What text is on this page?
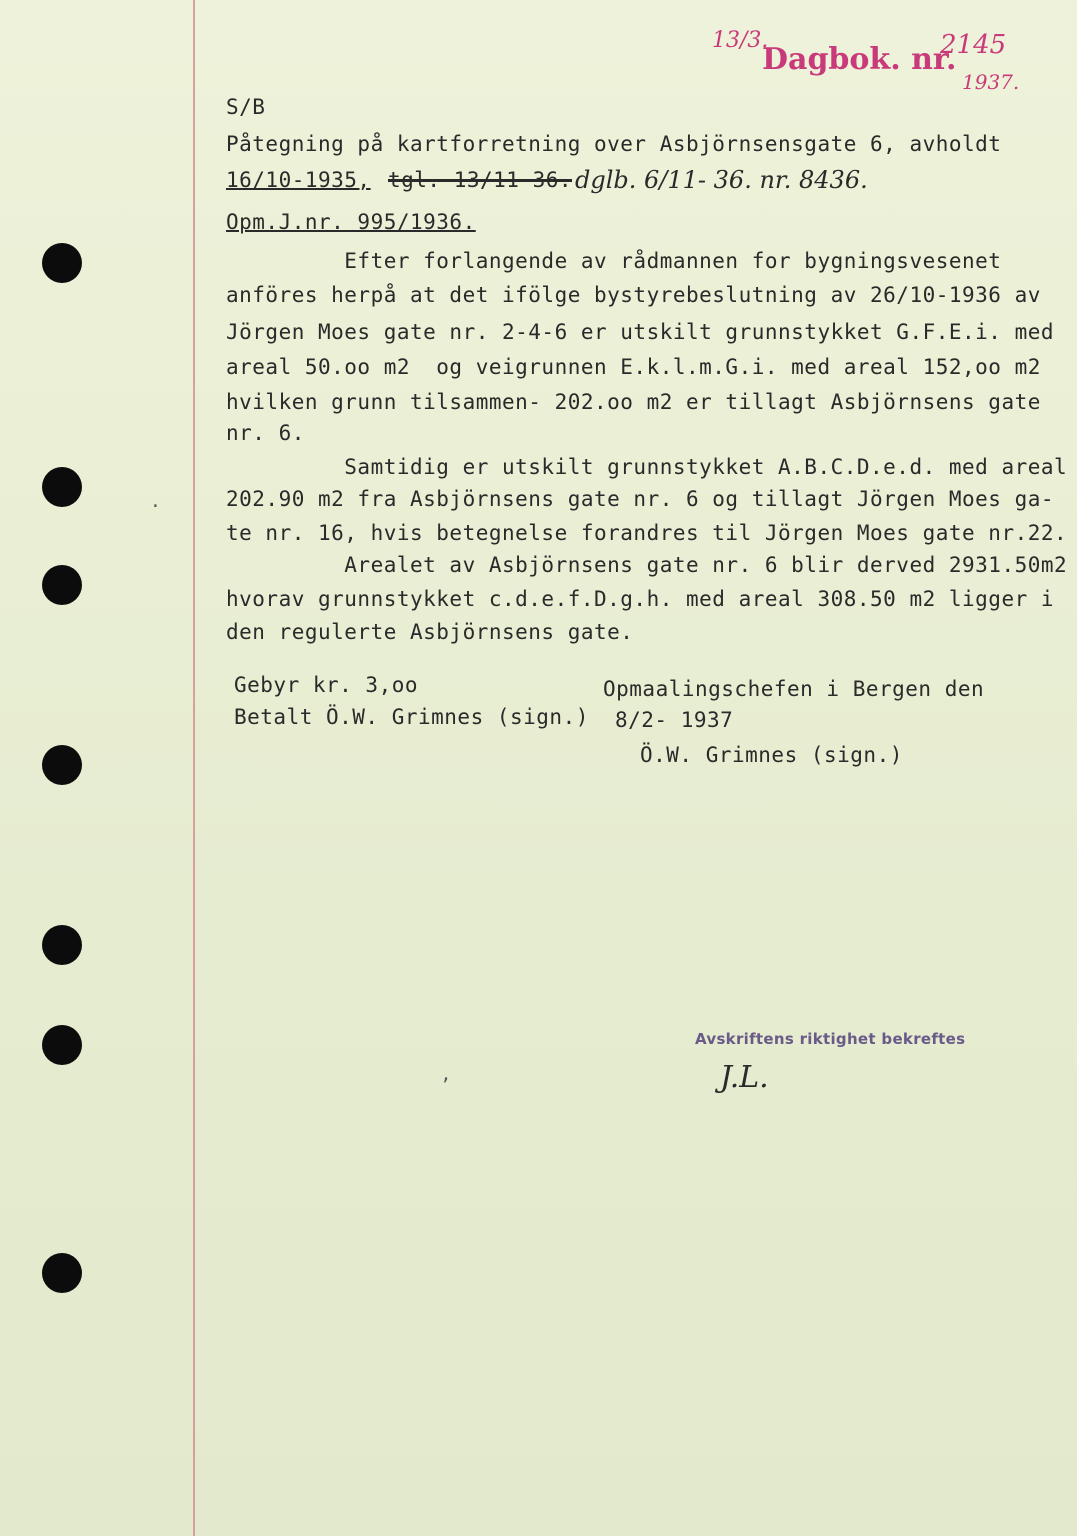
13/3.
Dagbok. nr.
2145
1937.
S/B
Påtegning på kartforretning over Asbjörnsensgate 6, avholdt
16/10-1935, tgl. 13/11-36. dglb. 6/11- 36. nr. 8436.
Opm.J.nr. 995/1936.
Efter forlangende av rådmannen for bygningsvesenet
anföres herpå at det ifölge bystyrebeslutning av 26/10-1936 av
Jörgen Moes gate nr. 2-4-6 er utskilt grunnstykket G.F.E.i. med
areal 50.oo m2  og veigrunnen E.k.l.m.G.i. med areal 152,oo m2
hvilken grunn tilsammen- 202.oo m2 er tillagt Asbjörnsens gate
nr. 6.
Samtidig er utskilt grunnstykket A.B.C.D.e.d. med areal
202.90 m2 fra Asbjörnsens gate nr. 6 og tillagt Jörgen Moes ga-
te nr. 16, hvis betegnelse forandres til Jörgen Moes gate nr.22.
Arealet av Asbjörnsens gate nr. 6 blir derved 2931.50m2
hvorav grunnstykket c.d.e.f.D.g.h. med areal 308.50 m2 ligger i
den regulerte Asbjörnsens gate.
Gebyr kr. 3,oo
Betalt Ö.W. Grimnes (sign.)
Opmaalingschefen i Bergen den
8/2- 1937
Ö.W. Grimnes (sign.)
Avskriftens riktighet bekreftes
J.L.
·
ʼ
